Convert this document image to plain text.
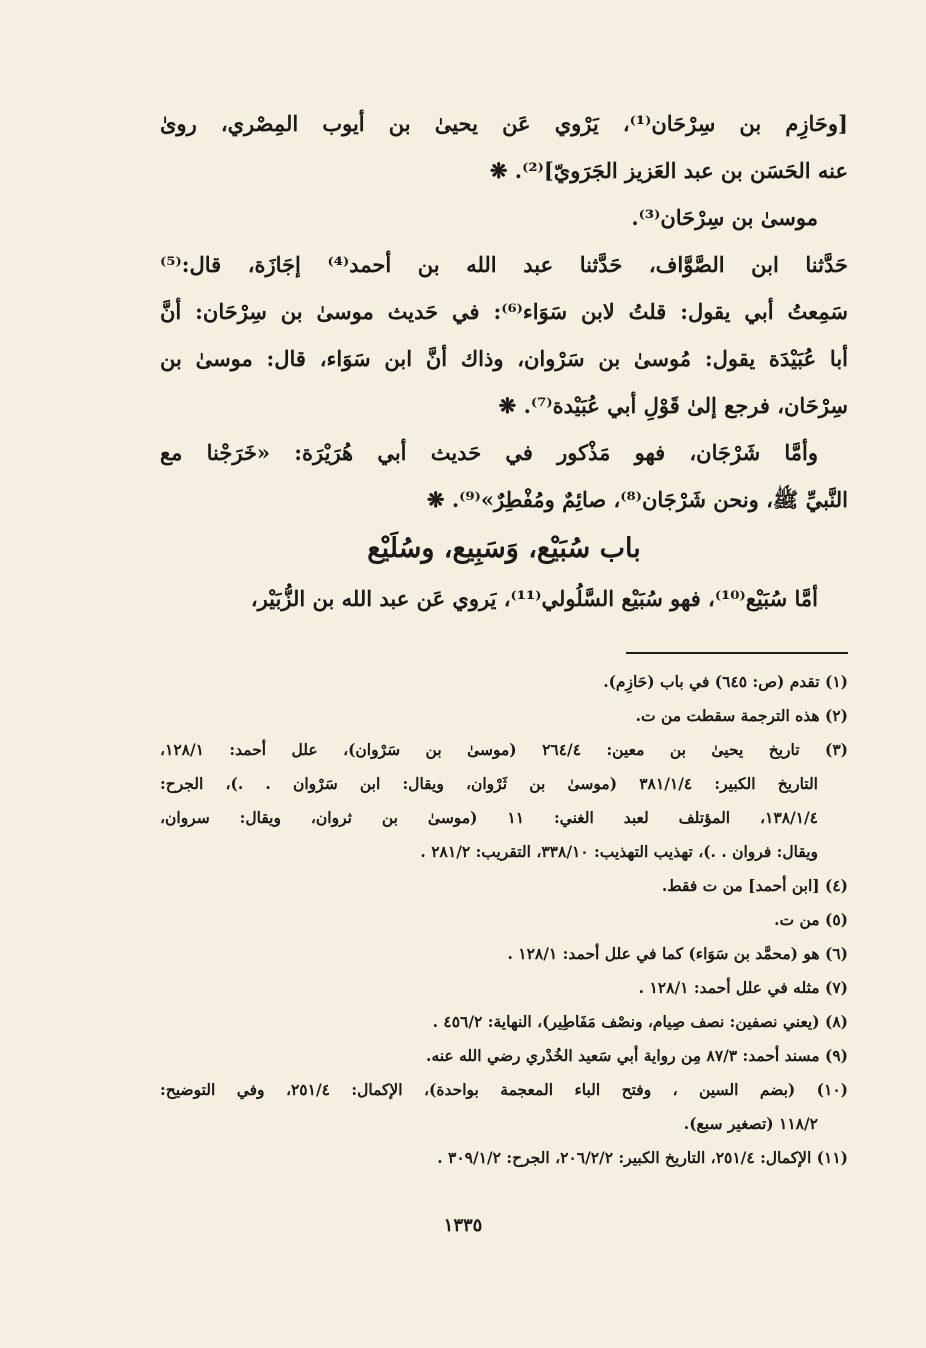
[وحَازِم بن سِرْحَان⁽¹⁾، يَرْوي عَن يحيىٰ بن أيوب المِصْري، روىٰ
عنه الحَسَن بن عبد العَزيز الجَرَويّ]⁽²⁾. ❋
موسىٰ بن سِرْحَان⁽³⁾.
حَدَّثنا ابن الصَّوَّاف، حَدَّثنا عبد الله بن أحمد⁽⁴⁾ إجَازَة، قال:⁽⁵⁾
سَمِعتُ أبي يقول: قلتُ لابن سَوَاء⁽⁶⁾: في حَديث موسىٰ بن سِرْحَان: أنَّ
أبا عُبَيْدَة يقول: مُوسىٰ بن سَرْوان، وذاك أنَّ ابن سَوَاء، قال: موسىٰ بن
سِرْحَان، فرجع إلىٰ قَوْلِ أبي عُبَيْدة⁽⁷⁾. ❋
وأمَّا شَرْجَان، فهو مَذْكور في حَديث أبي هُرَيْرَة: «خَرَجْنا مع
النَّبيِّ ﷺ، ونحن شَرْجَان⁽⁸⁾، صائِمٌ ومُفْطِرٌ»⁽⁹⁾. ❋
باب سُبَيْع، وَسَبِيع، وسُلَيْع
أمَّا سُبَيْع⁽¹⁰⁾، فهو سُبَيْع السَّلُولي⁽¹¹⁾، يَروي عَن عبد الله بن الزُّبَيْر،
(١) تقدم (ص: ٦٤٥) في باب (حَازِم).
(٢) هذه الترجمة سقطت من ت.
(٣) تاريخ يحيىٰ بن معين: ٢٦٤/٤ (موسىٰ بن سَرْوان)، علل أحمد: ١٢٨/١،
التاريخ الكبير: ٣٨١/١/٤ (موسىٰ بن ثَرْوان، ويقال: ابن سَرْوان . .)، الجرح:
١٣٨/١/٤، المؤتلف لعبد الغني: ١١ (موسىٰ بن ثروان، ويقال: سروان،
ويقال: فروان . .)، تهذيب التهذيب: ٣٣٨/١٠، التقريب: ٢٨١/٢ .
(٤) [ابن أحمد] من ت فقط.
(٥) من ت.
(٦) هو (محمَّد بن سَوَاء) كما في علل أحمد: ١٢٨/١ .
(٧) مثله في علل أحمد: ١٢٨/١ .
(٨) (يعني نصفين: نصف صِيام، ونصْف مَفَاطِير)، النهاية: ٤٥٦/٢ .
(٩) مسند أحمد: ٨٧/٣ مِن رواية أبي سَعيد الخُدْري رضي الله عنه.
(١٠) (بضم السين ، وفتح الباء المعجمة بواحدة)، الإكمال: ٢٥١/٤، وفي التوضيح:
١١٨/٢ (تصغير سبع).
(١١) الإكمال: ٢٥١/٤، التاريخ الكبير: ٢٠٦/٢/٢، الجرح: ٣٠٩/١/٢ .
١٣٣٥
